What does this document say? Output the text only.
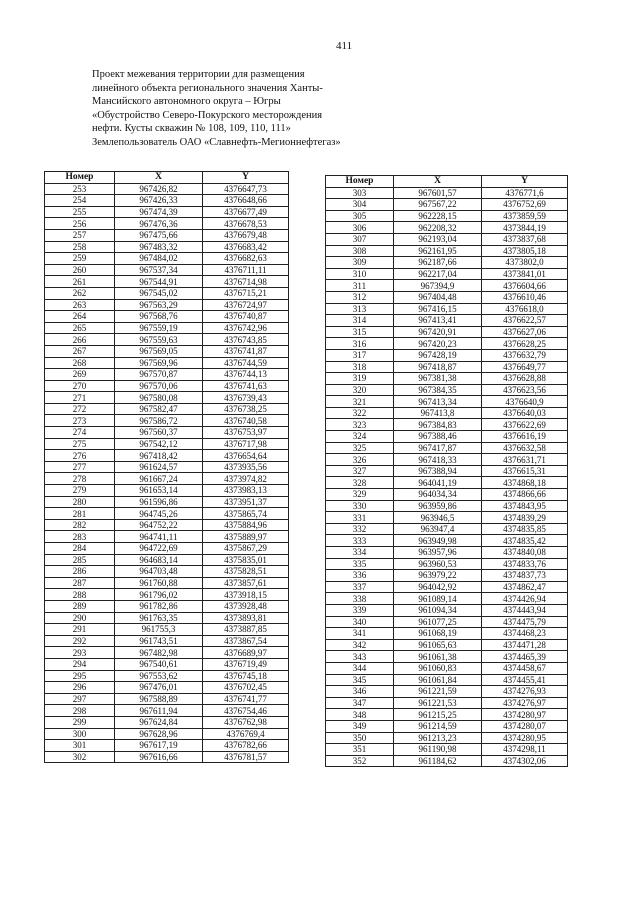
411
Проект межевания территории для размещения
линейного объекта регионального значения Ханты-
Мансийского автономного округа – Югры
«Обустройство Северо-Покурского месторождения
нефти. Кусты скважин № 108, 109, 110, 111»
Землепользователь ОАО «Славнефть-Мегионнефтегаз»
Номер	X	Y
253	967426,82	4376647,73
254	967426,33	4376648,66
255	967474,39	4376677,49
256	967476,36	4376678,53
257	967475,66	4376679,48
258	967483,32	4376683,42
259	967484,02	4376682,63
260	967537,34	4376711,11
261	967544,91	4376714,98
262	967545,02	4376715,21
263	967563,29	4376724,97
264	967568,76	4376740,87
265	967559,19	4376742,96
266	967559,63	4376743,85
267	967569,05	4376741,87
268	967569,96	4376744,59
269	967570,87	4376744,13
270	967570,06	4376741,63
271	967580,08	4376739,43
272	967582,47	4376738,25
273	967586,72	4376740,58
274	967560,37	4376753,97
275	967542,12	4376717,98
276	967418,42	4376654,64
277	961624,57	4373935,56
278	961667,24	4373974,82
279	961653,14	4373983,13
280	961596,86	4373951,37
281	964745,26	4375865,74
282	964752,22	4375884,96
283	964741,11	4375889,97
284	964722,69	4375867,29
285	964683,14	4375835,01
286	964703,48	4375828,51
287	961760,88	4373857,61
288	961796,02	4373918,15
289	961782,86	4373928,48
290	961763,35	4373893,81
291	961755,3	4373887,85
292	961743,51	4373867,54
293	967482,98	4376689,97
294	967540,61	4376719,49
295	967553,62	4376745,18
296	967476,01	4376702,45
297	967588,89	4376741,77
298	967611,94	4376754,46
299	967624,84	4376762,98
300	967628,96	4376769,4
301	967617,19	4376782,66
302	967616,66	4376781,57
Номер	X	Y
303	967601,57	4376771,6
304	967567,22	4376752,69
305	962228,15	4373859,59
306	962208,32	4373844,19
307	962193,04	4373837,68
308	962161,95	4373805,18
309	962187,66	4373802,0
310	962217,04	4373841,01
311	967394,9	4376604,66
312	967404,48	4376610,46
313	967416,15	4376618,0
314	967413,41	4376622,57
315	967420,91	4376627,06
316	967420,23	4376628,25
317	967428,19	4376632,79
318	967418,87	4376649,77
319	967381,38	4376628,88
320	967384,35	4376623,56
321	967413,34	4376640,9
322	967413,8	4376640,03
323	967384,83	4376622,69
324	967388,46	4376616,19
325	967417,87	4376632,58
326	967418,33	4376631,71
327	967388,94	4376615,31
328	964041,19	4374868,18
329	964034,34	4374866,66
330	963959,86	4374843,95
331	963946,5	4374839,29
332	963947,4	4374835,85
333	963949,98	4374835,42
334	963957,96	4374840,08
335	963960,53	4374833,76
336	963979,22	4374837,73
337	964042,92	4374862,47
338	961089,14	4374426,94
339	961094,34	4374443,94
340	961077,25	4374475,79
341	961068,19	4374468,23
342	961065,63	4374471,28
343	961061,38	4374465,39
344	961060,83	4374458,67
345	961061,84	4374455,41
346	961221,59	4374276,93
347	961221,53	4374276,97
348	961215,25	4374280,97
349	961214,59	4374280,07
350	961213,23	4374280,95
351	961190,98	4374298,11
352	961184,62	4374302,06
